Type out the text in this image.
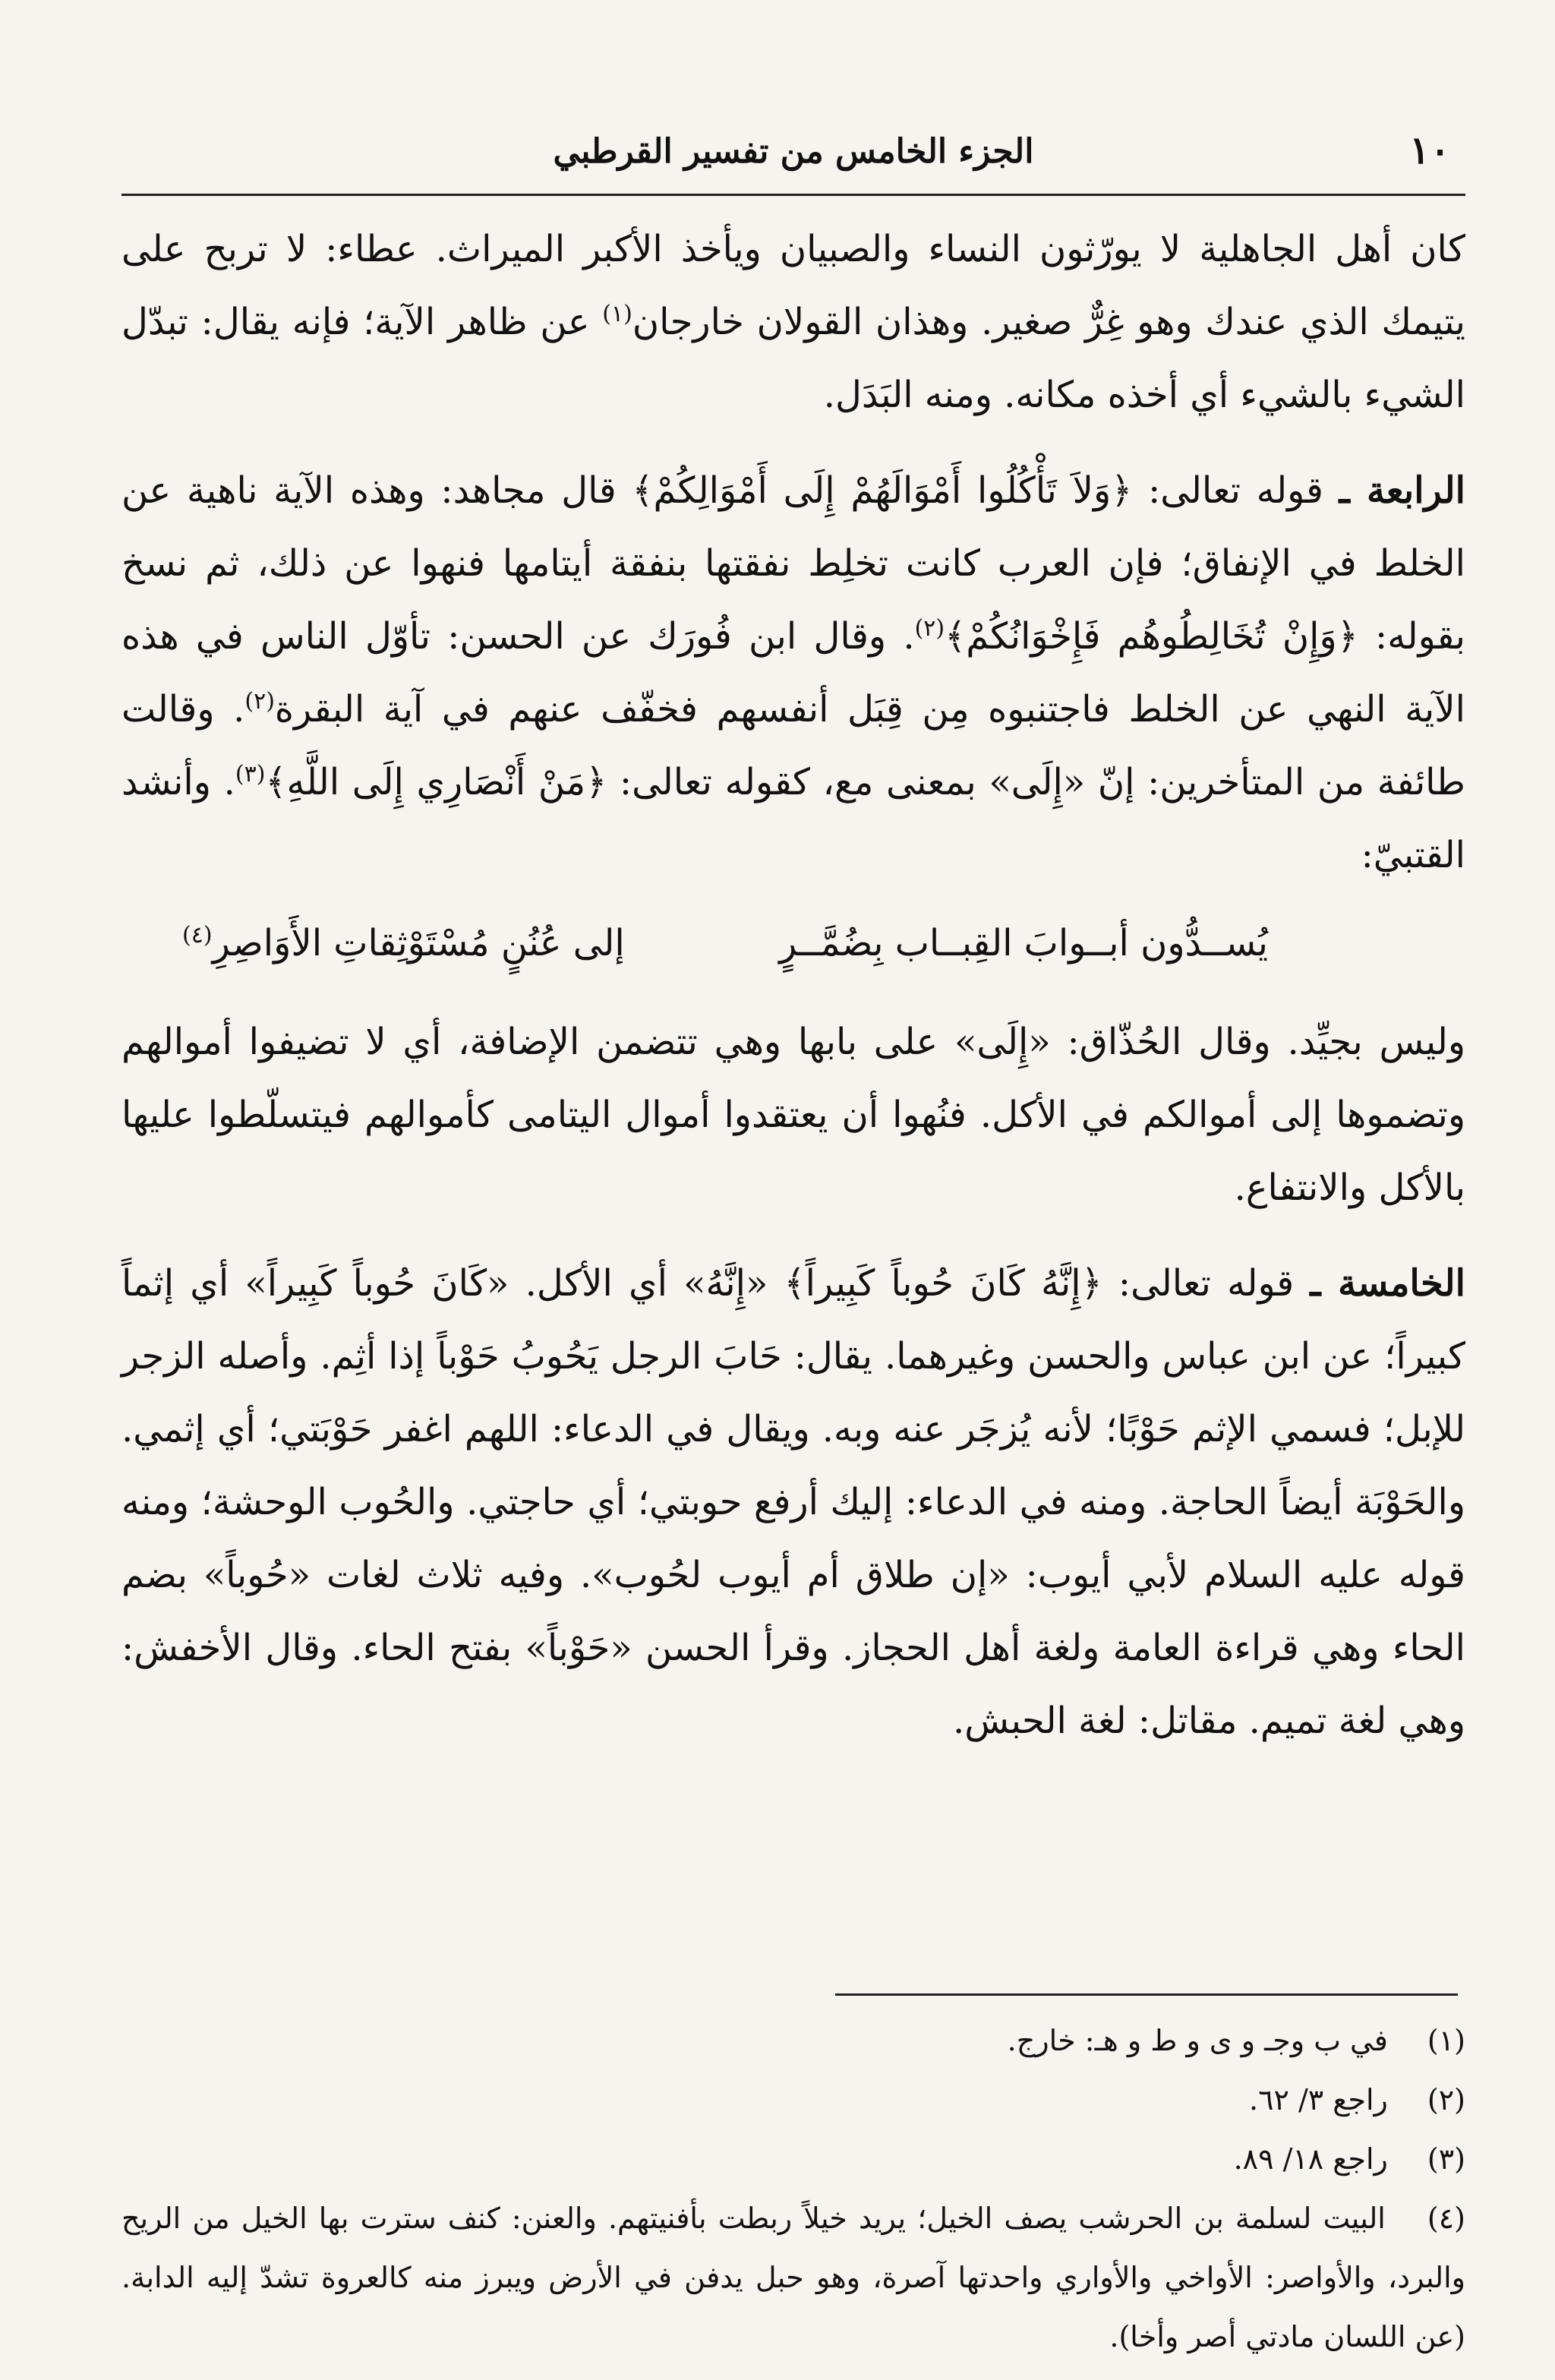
١٠
الجزء الخامس من تفسير القرطبي

كان أهل الجاهلية لا يورّثون النساء والصبيان ويأخذ الأكبر الميراث. عطاء: لا تربح على يتيمك الذي عندك وهو غِرٌّ صغير. وهذان القولان خارجان$^{(١)}$ عن ظاهر الآية؛ فإنه يقال: تبدّل الشيء بالشيء أي أخذه مكانه. ومنه البَدَل.

الرابعة ـ قوله تعالى: ﴿وَلاَ تَأْكُلُوا أَمْوَالَهُمْ إِلَى أَمْوَالِكُمْ﴾ قال مجاهد: وهذه الآية ناهية عن الخلط في الإنفاق؛ فإن العرب كانت تخلِط نفقتها بنفقة أيتامها فنهوا عن ذلك، ثم نسخ بقوله: ﴿وَإِنْ تُخَالِطُوهُم فَإِخْوَانُكُمْ﴾$^{(٢)}$. وقال ابن فُورَك عن الحسن: تأوّل الناس في هذه الآية النهي عن الخلط فاجتنبوه مِن قِبَل أنفسهم فخفّف عنهم في آية البقرة$^{(٢)}$. وقالت طائفة من المتأخرين: إنّ «إِلَى» بمعنى مع، كقوله تعالى: ﴿مَنْ أَنْصَارِي إِلَى اللَّهِ﴾$^{(٣)}$. وأنشد القتبيّ:

يُســدُّون أبــوابَ القِبــاب بِضُمَّــرٍ
إلى عُنُنٍ مُسْتَوْثِقاتِ الأَوَاصِرِ$^{(٤)}$

وليس بجيِّد. وقال الحُذّاق: «إِلَى» على بابها وهي تتضمن الإضافة، أي لا تضيفوا أموالهم وتضموها إلى أموالكم في الأكل. فنُهوا أن يعتقدوا أموال اليتامى كأموالهم فيتسلّطوا عليها بالأكل والانتفاع.

الخامسة ـ قوله تعالى: ﴿إِنَّهُ كَانَ حُوباً كَبِيراً﴾ «إِنَّهُ» أي الأكل. «كَانَ حُوباً كَبِيراً» أي إثماً كبيراً؛ عن ابن عباس والحسن وغيرهما. يقال: حَابَ الرجل يَحُوبُ حَوْباً إذا أثِم. وأصله الزجر للإبل؛ فسمي الإثم حَوْبًا؛ لأنه يُزجَر عنه وبه. ويقال في الدعاء: اللهم اغفر حَوْبَتي؛ أي إثمي. والحَوْبَة أيضاً الحاجة. ومنه في الدعاء: إليك أرفع حوبتي؛ أي حاجتي. والحُوب الوحشة؛ ومنه قوله عليه السلام لأبي أيوب: «إن طلاق أم أيوب لحُوب». وفيه ثلاث لغات «حُوباً» بضم الحاء وهي قراءة العامة ولغة أهل الحجاز. وقرأ الحسن «حَوْباً» بفتح الحاء. وقال الأخفش: وهي لغة تميم. مقاتل: لغة الحبش.

(١) في ب وجـ و ى و ط و هـ: خارج.

(٢) راجع ٣/ ٦٢.

(٣) راجع ١٨/ ٨٩.

(٤) البيت لسلمة بن الحرشب يصف الخيل؛ يريد خيلاً ربطت بأفنيتهم. والعنن: كنف سترت بها الخيل من الريح والبرد، والأواصر: الأواخي والأواري واحدتها آصرة، وهو حبل يدفن في الأرض ويبرز منه كالعروة تشدّ إليه الدابة. (عن اللسان مادتي أصر وأخا).
